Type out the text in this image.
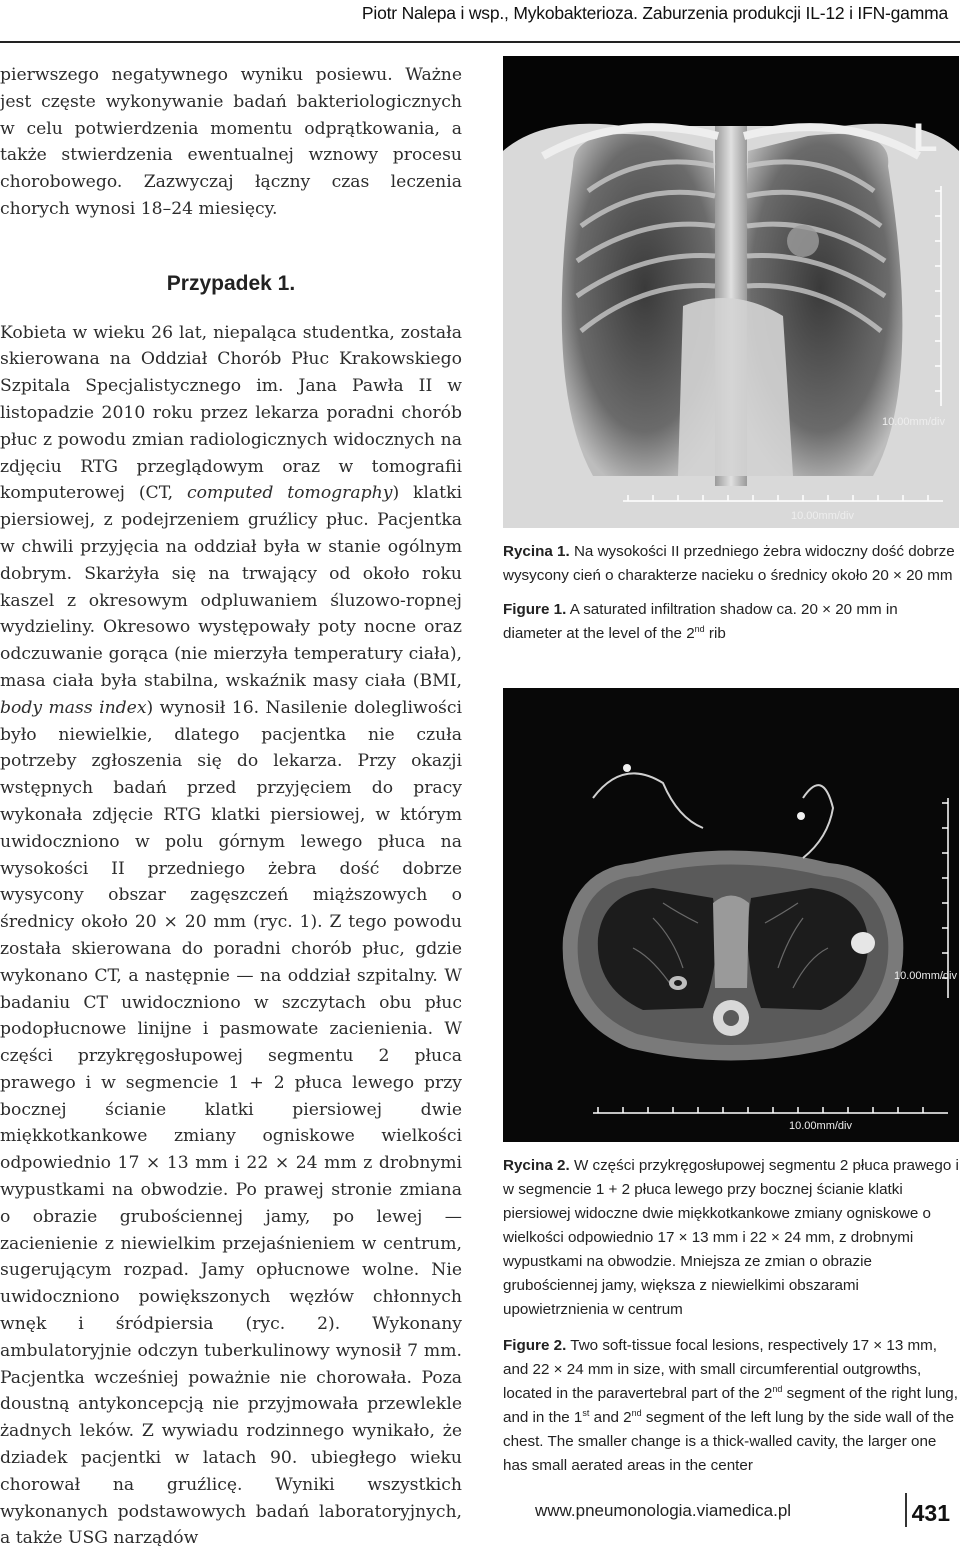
Piotr Nalepa i wsp., Mykobakterioza. Zaburzenia produkcji IL-12 i IFN-gamma

pierwszego negatywnego wyniku posiewu. Ważne jest częste wykonywanie badań bakteriologicznych w celu potwierdzenia momentu odprątkowania, a także stwierdzenia ewentualnej wznowy procesu chorobowego. Zazwyczaj łączny czas leczenia chorych wynosi 18–24 miesięcy.

Przypadek 1.

Kobieta w wieku 26 lat, niepaląca studentka, została skierowana na Oddział Chorób Płuc Krakowskiego Szpitala Specjalistycznego im. Jana Pawła II w listopadzie 2010 roku przez lekarza poradni chorób płuc z powodu zmian radiologicznych widocznych na zdjęciu RTG przeglądowym oraz w tomografii komputerowej (CT, computed tomography) klatki piersiowej, z podejrzeniem gruźlicy płuc. Pacjentka w chwili przyjęcia na oddział była w stanie ogólnym dobrym. Skarżyła się na trwający od około roku kaszel z okresowym odpluwaniem śluzowo-ropnej wydzieliny. Okresowo występowały poty nocne oraz odczuwanie gorąca (nie mierzyła temperatury ciała), masa ciała była stabilna, wskaźnik masy ciała (BMI, body mass index) wynosił 16. Nasilenie dolegliwości było niewielkie, dlatego pacjentka nie czuła potrzeby zgłoszenia się do lekarza. Przy okazji wstępnych badań przed przyjęciem do pracy wykonała zdjęcie RTG klatki piersiowej, w którym uwidoczniono w polu górnym lewego płuca na wysokości II przedniego żebra dość dobrze wysycony obszar zagęszczeń miąższowych o średnicy około 20 × 20 mm (ryc. 1). Z tego powodu została skierowana do poradni chorób płuc, gdzie wykonano CT, a następnie — na oddział szpitalny. W badaniu CT uwidoczniono w szczytach obu płuc podopłucnowe linijne i pasmowate zacienienia. W części przykręgosłupowej segmentu 2 płuca prawego i w segmencie 1 + 2 płuca lewego przy bocznej ścianie klatki piersiowej dwie miękkotkankowe zmiany ogniskowe wielkości odpowiednio 17 × 13 mm i 22 × 24 mm z drobnymi wypustkami na obwodzie. Po prawej stronie zmiana o obrazie grubościennej jamy, po lewej — zacienienie z niewielkim przejaśnieniem w centrum, sugerującym rozpad. Jamy opłucnowe wolne. Nie uwidoczniono powiększonych węzłów chłonnych wnęk i śródpiersia (ryc. 2). Wykonany ambulatoryjnie odczyn tuberkulinowy wynosił 7 mm. Pacjentka wcześniej poważnie nie chorowała. Poza doustną antykoncepcją nie przyjmowała przewlekle żadnych leków. Z wywiadu rodzinnego wynikało, że dziadek pacjentki w latach 90. ubiegłego wieku chorował na gruźlicę. Wyniki wszystkich wykonanych podstawowych badań laboratoryjnych, a także USG narządów

L
10.00mm/div
10.00mm/div

Rycina 1. Na wysokości II przedniego żebra widoczny dość dobrze wysycony cień o charakterze nacieku o średnicy około 20 × 20 mm

Figure 1. A saturated infiltration shadow ca. 20 × 20 mm in diameter at the level of the 2nd rib

10.00mm/div
10.00mm/div

Rycina 2. W części przykręgosłupowej segmentu 2 płuca prawego i w segmencie 1 + 2 płuca lewego przy bocznej ścianie klatki piersiowej widoczne dwie miękkotkankowe zmiany ogniskowe o wielkości odpowiednio 17 × 13 mm i 22 × 24 mm, z drobnymi wypustkami na obwodzie. Mniejsza ze zmian o obrazie grubościennej jamy, większa z niewielkimi obszarami upowietrznienia w centrum

Figure 2. Two soft-tissue focal lesions, respectively 17 × 13 mm, and 22 × 24 mm in size, with small circumferential outgrowths, located in the paravertebral part of the 2nd segment of the right lung, and in the 1st and 2nd segment of the left lung by the side wall of the chest. The smaller change is a thick-walled cavity, the larger one has small aerated areas in the center

www.pneumonologia.viamedica.pl	431
